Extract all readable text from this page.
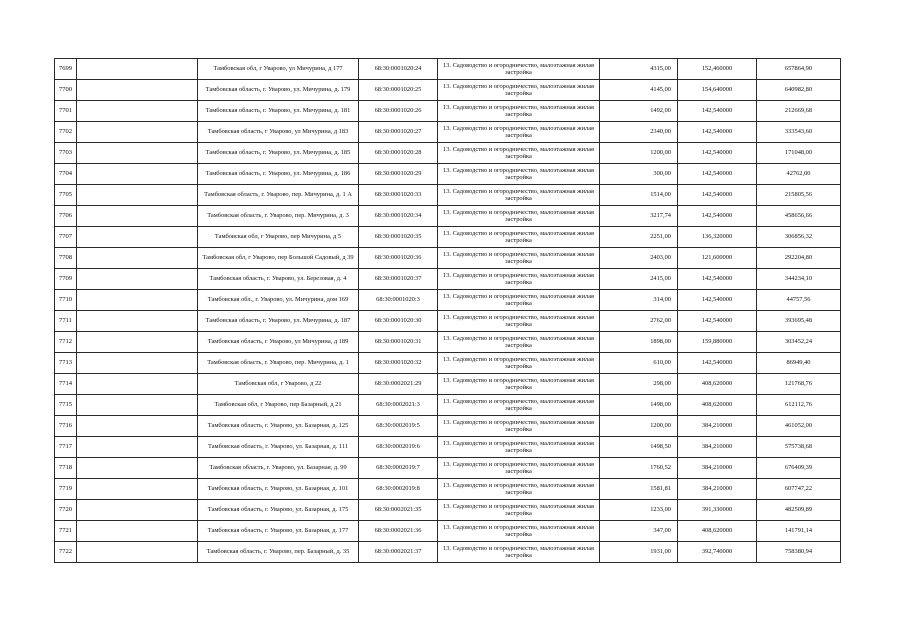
7699		Тамбовская обл, г Уварово, ул Мичурина, д 177	68:30:0001020:24	13. Садоводство и огородничество, малоэтажная жилая застройка	4315,00	152,460000	657864,90
7700		Тамбовская область, г. Уварово, ул. Мичурина, д. 179	68:30:0001020:25	13. Садоводство и огородничество, малоэтажная жилая застройка	4145,00	154,640000	640982,80
7701		Тамбовская область, г. Уварово, ул. Мичурина, д. 181	68:30:0001020:26	13. Садоводство и огородничество, малоэтажная жилая застройка	1492,00	142,540000	212669,68
7702		Тамбовская область, г Уварово, ул Мичурина, д 183	68:30:0001020:27	13. Садоводство и огородничество, малоэтажная жилая застройка	2340,00	142,540000	333543,60
7703		Тамбовская область, г. Уварово, ул. Мичурина, д. 185	68:30:0001020:28	13. Садоводство и огородничество, малоэтажная жилая застройка	1200,00	142,540000	171048,00
7704		Тамбовская область, г. Уварово, ул. Мичурина, д. 186	68:30:0001020:29	13. Садоводство и огородничество, малоэтажная жилая застройка	300,00	142,540000	42762,00
7705		Тамбовская область, г. Уварово, пер. Мичурина, д. 1 А	68:30:0001020:33	13. Садоводство и огородничество, малоэтажная жилая застройка	1514,00	142,540000	215805,56
7706		Тамбовская область, г. Уварово, пер. Мичурина, д. 3	68:30:0001020:34	13. Садоводство и огородничество, малоэтажная жилая застройка	3217,74	142,540000	458656,66
7707		Тамбовская обл, г Уварово, пер Мичурина, д 5	68:30:0001020:35	13. Садоводство и огородничество, малоэтажная жилая застройка	2251,00	136,320000	306856,32
7708		Тамбовская обл, г Уварово, пер Большой Садовый, д 39	68:30:0001020:36	13. Садоводство и огородничество, малоэтажная жилая застройка	2403,00	121,600000	292204,80
7709		Тамбовская область, г. Уварово, ул. Березовая, д. 4	68:30:0001020:37	13. Садоводство и огородничество, малоэтажная жилая застройка	2415,00	142,540000	344234,10
7710		Тамбовская обл., г. Уварово, ул. Мичурина, дом 169	68:30:0001020:3	13. Садоводство и огородничество, малоэтажная жилая застройка	314,00	142,540000	44757,56
7711		Тамбовская область, г. Уварово, ул. Мичурина, д. 187	68:30:0001020:30	13. Садоводство и огородничество, малоэтажная жилая застройка	2762,00	142,540000	393695,48
7712		Тамбовская область, г Уварово, ул Мичурина, д 189	68:30:0001020:31	13. Садоводство и огородничество, малоэтажная жилая застройка	1898,00	159,880000	303452,24
7713		Тамбовская область, г. Уварово, пер. Мичурина, д. 1	68:30:0001020:32	13. Садоводство и огородничество, малоэтажная жилая застройка	610,00	142,540000	86949,40
7714		Тамбовская обл, г Уварово, д 22	68:30:0002021:29	13. Садоводство и огородничество, малоэтажная жилая застройка	298,00	408,620000	121768,76
7715		Тамбовская обл, г Уварово, пер Базарный, д 21	68:30:0002021:3	13. Садоводство и огородничество, малоэтажная жилая застройка	1498,00	408,620000	612112,76
7716		Тамбовская область, г. Уварово, ул. Базарная, д. 125	68:30:0002019:5	13. Садоводство и огородничество, малоэтажная жилая застройка	1200,00	384,210000	461052,00
7717		Тамбовская область, г. Уварово, ул. Базарная, д. 111	68:30:0002019:6	13. Садоводство и огородничество, малоэтажная жилая застройка	1498,50	384,210000	575738,68
7718		Тамбовская область, г. Уварово, ул. Базарная, д. 99	68:30:0002019:7	13. Садоводство и огородничество, малоэтажная жилая застройка	1760,52	384,210000	676409,39
7719		Тамбовская область, г. Уварово, ул. Базарная, д. 101	68:30:0002019:8	13. Садоводство и огородничество, малоэтажная жилая застройка	1581,81	384,210000	607747,22
7720		Тамбовская область, г. Уварово, ул. Базарная, д. 175	68:30:0002021:35	13. Садоводство и огородничество, малоэтажная жилая застройка	1233,00	391,330000	482509,89
7721		Тамбовская область, г. Уварово, ул. Базарная, д. 177	68:30:0002021:36	13. Садоводство и огородничество, малоэтажная жилая застройка	347,00	408,620000	141791,14
7722		Тамбовская область, г. Уварово, пер. Базарный, д. 35	68:30:0002021:37	13. Садоводство и огородничество, малоэтажная жилая застройка	1931,00	392,740000	758380,94
